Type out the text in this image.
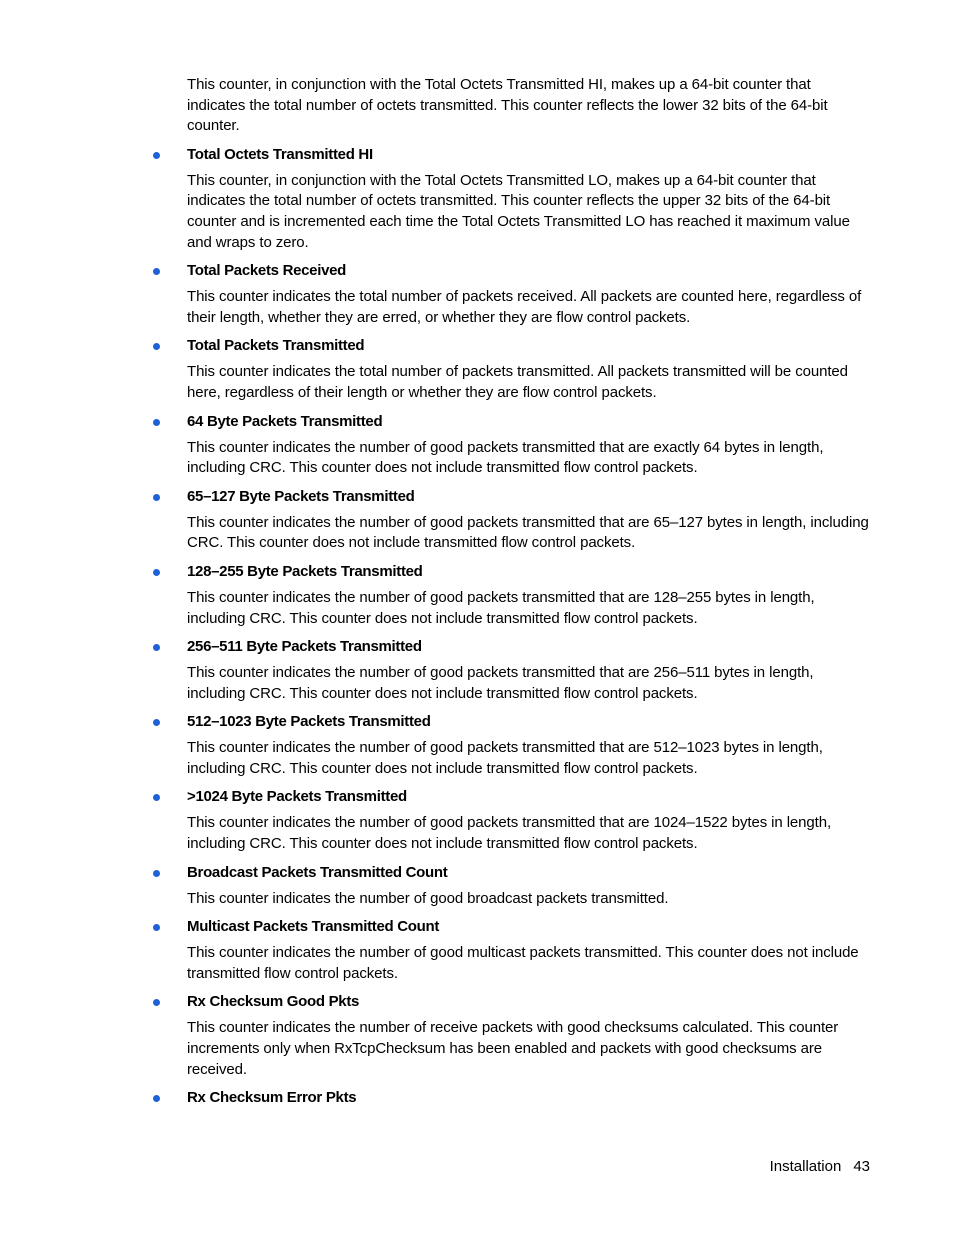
This counter, in conjunction with the Total Octets Transmitted HI, makes up a 64-bit counter that indicates the total number of octets transmitted. This counter reflects the lower 32 bits of the 64-bit counter.

Total Octets Transmitted HI

This counter, in conjunction with the Total Octets Transmitted LO, makes up a 64-bit counter that indicates the total number of octets transmitted. This counter reflects the upper 32 bits of the 64-bit counter and is incremented each time the Total Octets Transmitted LO has reached it maximum value and wraps to zero.

Total Packets Received

This counter indicates the total number of packets received. All packets are counted here, regardless of their length, whether they are erred, or whether they are flow control packets.

Total Packets Transmitted

This counter indicates the total number of packets transmitted. All packets transmitted will be counted here, regardless of their length or whether they are flow control packets.

64 Byte Packets Transmitted

This counter indicates the number of good packets transmitted that are exactly 64 bytes in length, including CRC. This counter does not include transmitted flow control packets.

65–127 Byte Packets Transmitted

This counter indicates the number of good packets transmitted that are 65–127 bytes in length, including CRC. This counter does not include transmitted flow control packets.

128–255 Byte Packets Transmitted

This counter indicates the number of good packets transmitted that are 128–255 bytes in length, including CRC. This counter does not include transmitted flow control packets.

256–511 Byte Packets Transmitted

This counter indicates the number of good packets transmitted that are 256–511 bytes in length, including CRC. This counter does not include transmitted flow control packets.

512–1023 Byte Packets Transmitted

This counter indicates the number of good packets transmitted that are 512–1023 bytes in length, including CRC. This counter does not include transmitted flow control packets.

>1024 Byte Packets Transmitted

This counter indicates the number of good packets transmitted that are 1024–1522 bytes in length, including CRC. This counter does not include transmitted flow control packets.

Broadcast Packets Transmitted Count

This counter indicates the number of good broadcast packets transmitted.

Multicast Packets Transmitted Count

This counter indicates the number of good multicast packets transmitted. This counter does not include transmitted flow control packets.

Rx Checksum Good Pkts

This counter indicates the number of receive packets with good checksums calculated. This counter increments only when RxTcpChecksum has been enabled and packets with good checksums are received.

Rx Checksum Error Pkts

Installation 43
